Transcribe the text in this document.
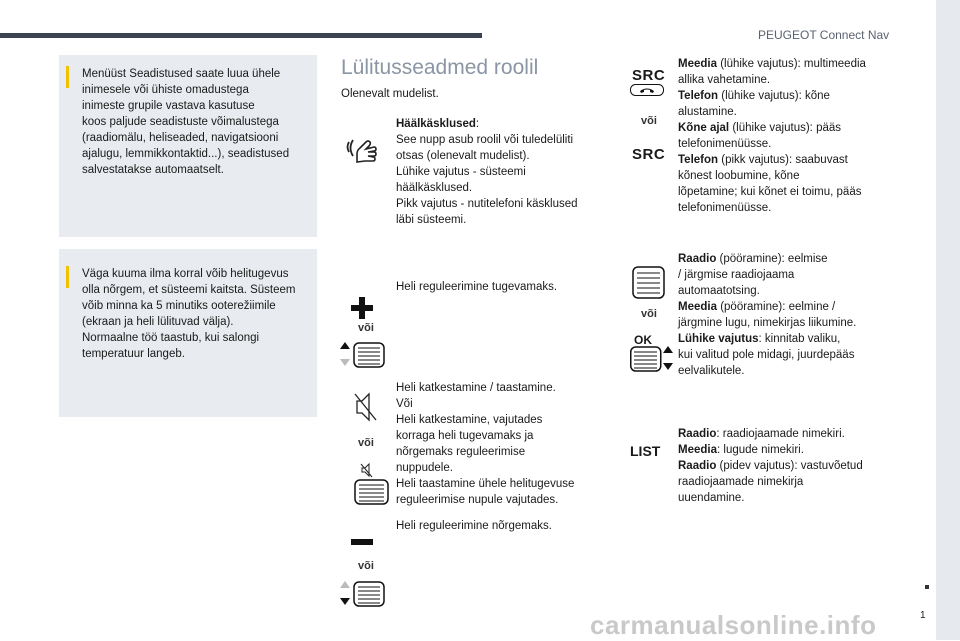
PEUGEOT Connect Nav
Menüüst Seadistused saate luua ühele
inimesele või ühiste omadustega
inimeste grupile vastava kasutuse
koos paljude seadistuste võimalustega
(raadiomälu, heliseaded, navigatsiooni
ajalugu, lemmikkontaktid...), seadistused
salvestatakse automaatselt.
Väga kuuma ilma korral võib helitugevus
olla nõrgem, et süsteemi kaitsta. Süsteem
võib minna ka 5 minutiks ooterežiimile
(ekraan ja heli lülituvad välja).
Normaalne töö taastub, kui salongi
temperatuur langeb.
Lülitusseadmed roolil
Olenevalt mudelist.
Häälkäsklused:
See nupp asub roolil või tuledelüliti
otsas (olenevalt mudelist).
Lühike vajutus - süsteemi
häälkäsklused.
Pikk vajutus - nutitelefoni käsklused
läbi süsteemi.
või
Heli reguleerimine tugevamaks.
või
Heli katkestamine / taastamine.
Või
Heli katkestamine, vajutades
korraga heli tugevamaks ja
nõrgemaks reguleerimise
nuppudele.
Heli taastamine ühele helitugevuse
reguleerimise nupule vajutades.
või
Heli reguleerimine nõrgemaks.
SRC
või
SRC
Meedia (lühike vajutus): multimeedia
allika vahetamine.
Telefon (lühike vajutus): kõne
alustamine.
Kõne ajal (lühike vajutus): pääs
telefonimenüüsse.
Telefon (pikk vajutus): saabuvast
kõnest loobumine, kõne
lõpetamine; kui kõnet ei toimu, pääs
telefonimenüüsse.
või
OK
Raadio (pööramine): eelmise
/ järgmise raadiojaama
automaatotsing.
Meedia (pööramine): eelmine /
järgmine lugu, nimekirjas liikumine.
Lühike vajutus: kinnitab valiku,
kui valitud pole midagi, juurdepääs
eelvalikutele.
LIST
Raadio: raadiojaamade nimekiri.
Meedia: lugude nimekiri.
Raadio (pidev vajutus): vastuvõetud
raadiojaamade nimekirja
uuendamine.
1
carmanualsonline.info
